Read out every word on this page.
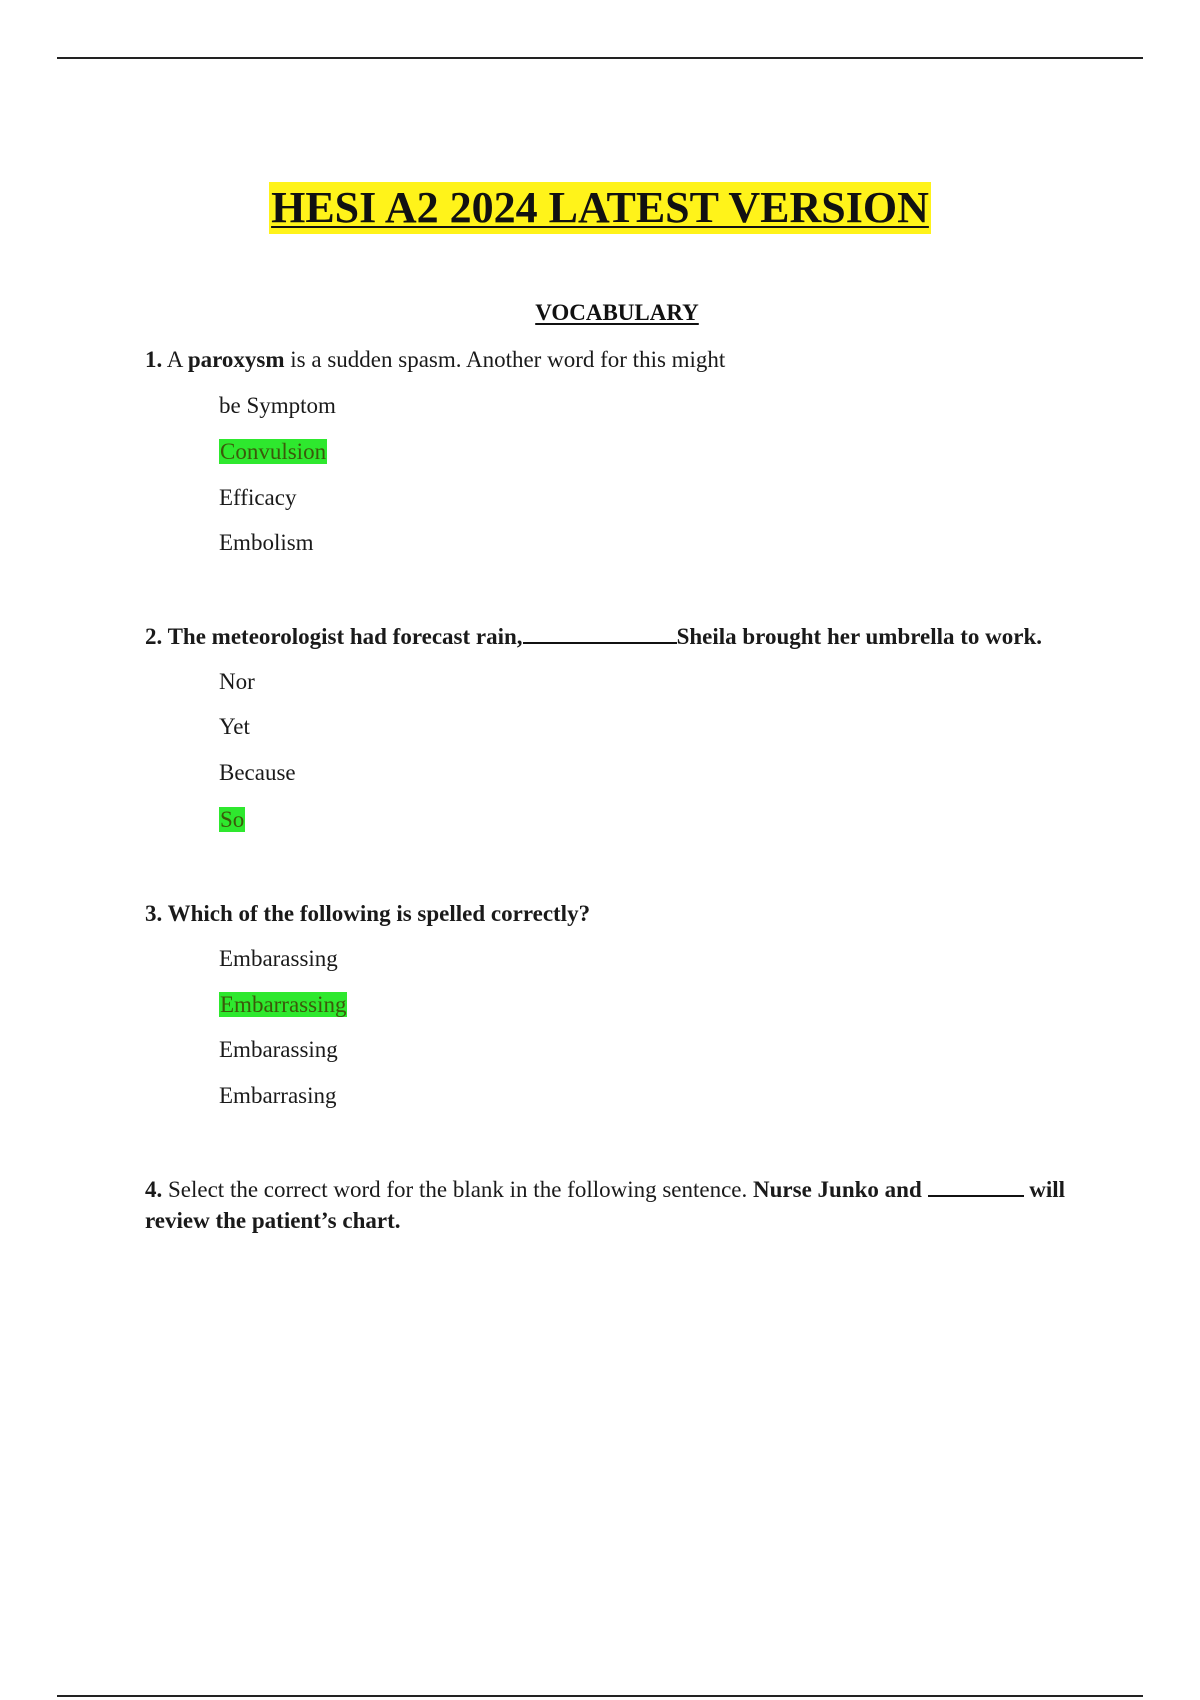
HESI A2 2024 LATEST VERSION
VOCABULARY
1. A paroxysm is a sudden spasm. Another word for this might
be Symptom
Convulsion
Efficacy
Embolism
2. The meteorologist had forecast rain,	Sheila brought her umbrella to work.
Nor
Yet
Because
So
3. Which of the following is spelled correctly?
Embarassing
Embarrassing
Embarassing
Embarrasing
4. Select the correct word for the blank in the following sentence. Nurse Junko and	will review the patient’s chart.
